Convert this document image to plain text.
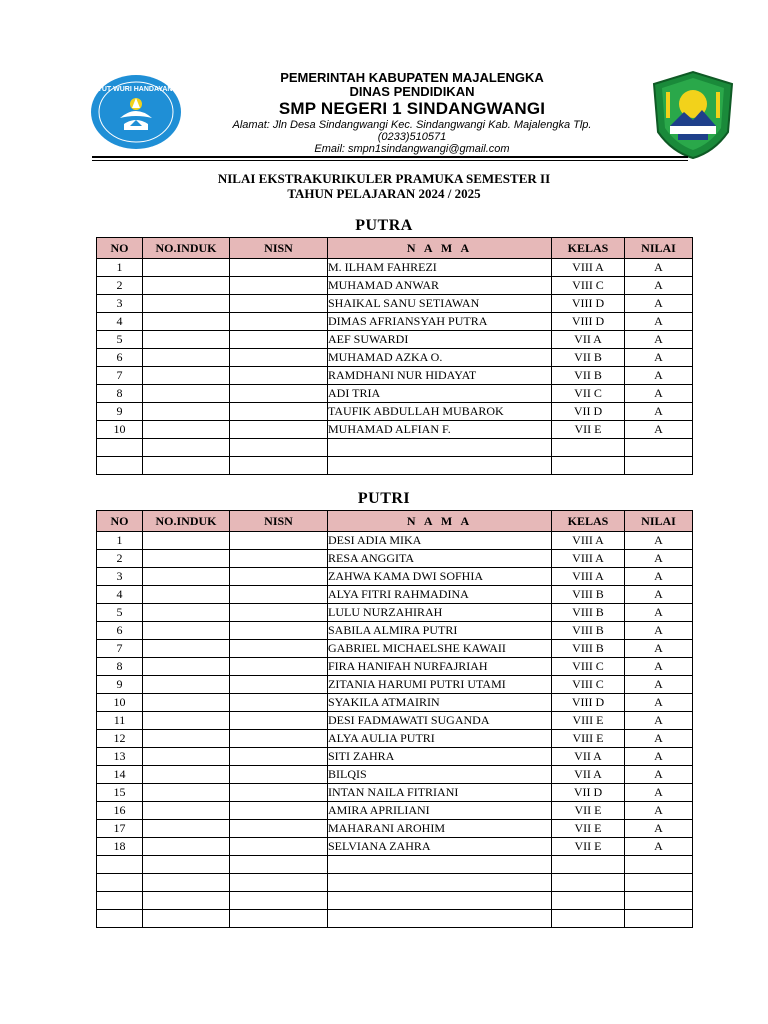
TUT WURI HANDAYANI
PEMERINTAH KABUPATEN MAJALENGKA
DINAS PENDIDIKAN
SMP NEGERI 1 SINDANGWANGI
Alamat: Jln Desa Sindangwangi Kec. Sindangwangi Kab. Majalengka Tlp.
(0233)510571
Email: smpn1sindangwangi@gmail.com
NILAI EKSTRAKURIKULER PRAMUKA SEMESTER II
TAHUN PELAJARAN 2024 / 2025
PUTRA
NO	NO.INDUK	NISN	N A M A	KELAS	NILAI
1			M. ILHAM FAHREZI	VIII A	A
2			MUHAMAD ANWAR	VIII C	A
3			SHAIKAL SANU SETIAWAN	VIII D	A
4			DIMAS AFRIANSYAH PUTRA	VIII D	A
5			AEF SUWARDI	VII A	A
6			MUHAMAD AZKA O.	VII B	A
7			RAMDHANI NUR HIDAYAT	VII B	A
8			ADI TRIA	VII C	A
9			TAUFIK ABDULLAH MUBAROK	VII D	A
10			MUHAMAD ALFIAN F.	VII E	A

PUTRI
NO	NO.INDUK	NISN	N A M A	KELAS	NILAI
1			DESI ADIA MIKA	VIII A	A
2			RESA ANGGITA	VIII A	A
3			ZAHWA KAMA DWI SOFHIA	VIII A	A
4			ALYA FITRI RAHMADINA	VIII B	A
5			LULU NURZAHIRAH	VIII B	A
6			SABILA ALMIRA PUTRI	VIII B	A
7			GABRIEL MICHAELSHE KAWAII	VIII B	A
8			FIRA HANIFAH NURFAJRIAH	VIII C	A
9			ZITANIA HARUMI PUTRI UTAMI	VIII C	A
10			SYAKILA ATMAIRIN	VIII D	A
11			DESI FADMAWATI SUGANDA	VIII E	A
12			ALYA AULIA PUTRI	VIII E	A
13			SITI ZAHRA	VII A	A
14			BILQIS	VII A	A
15			INTAN NAILA FITRIANI	VII D	A
16			AMIRA APRILIANI	VII E	A
17			MAHARANI AROHIM	VII E	A
18			SELVIANA ZAHRA	VII E	A
